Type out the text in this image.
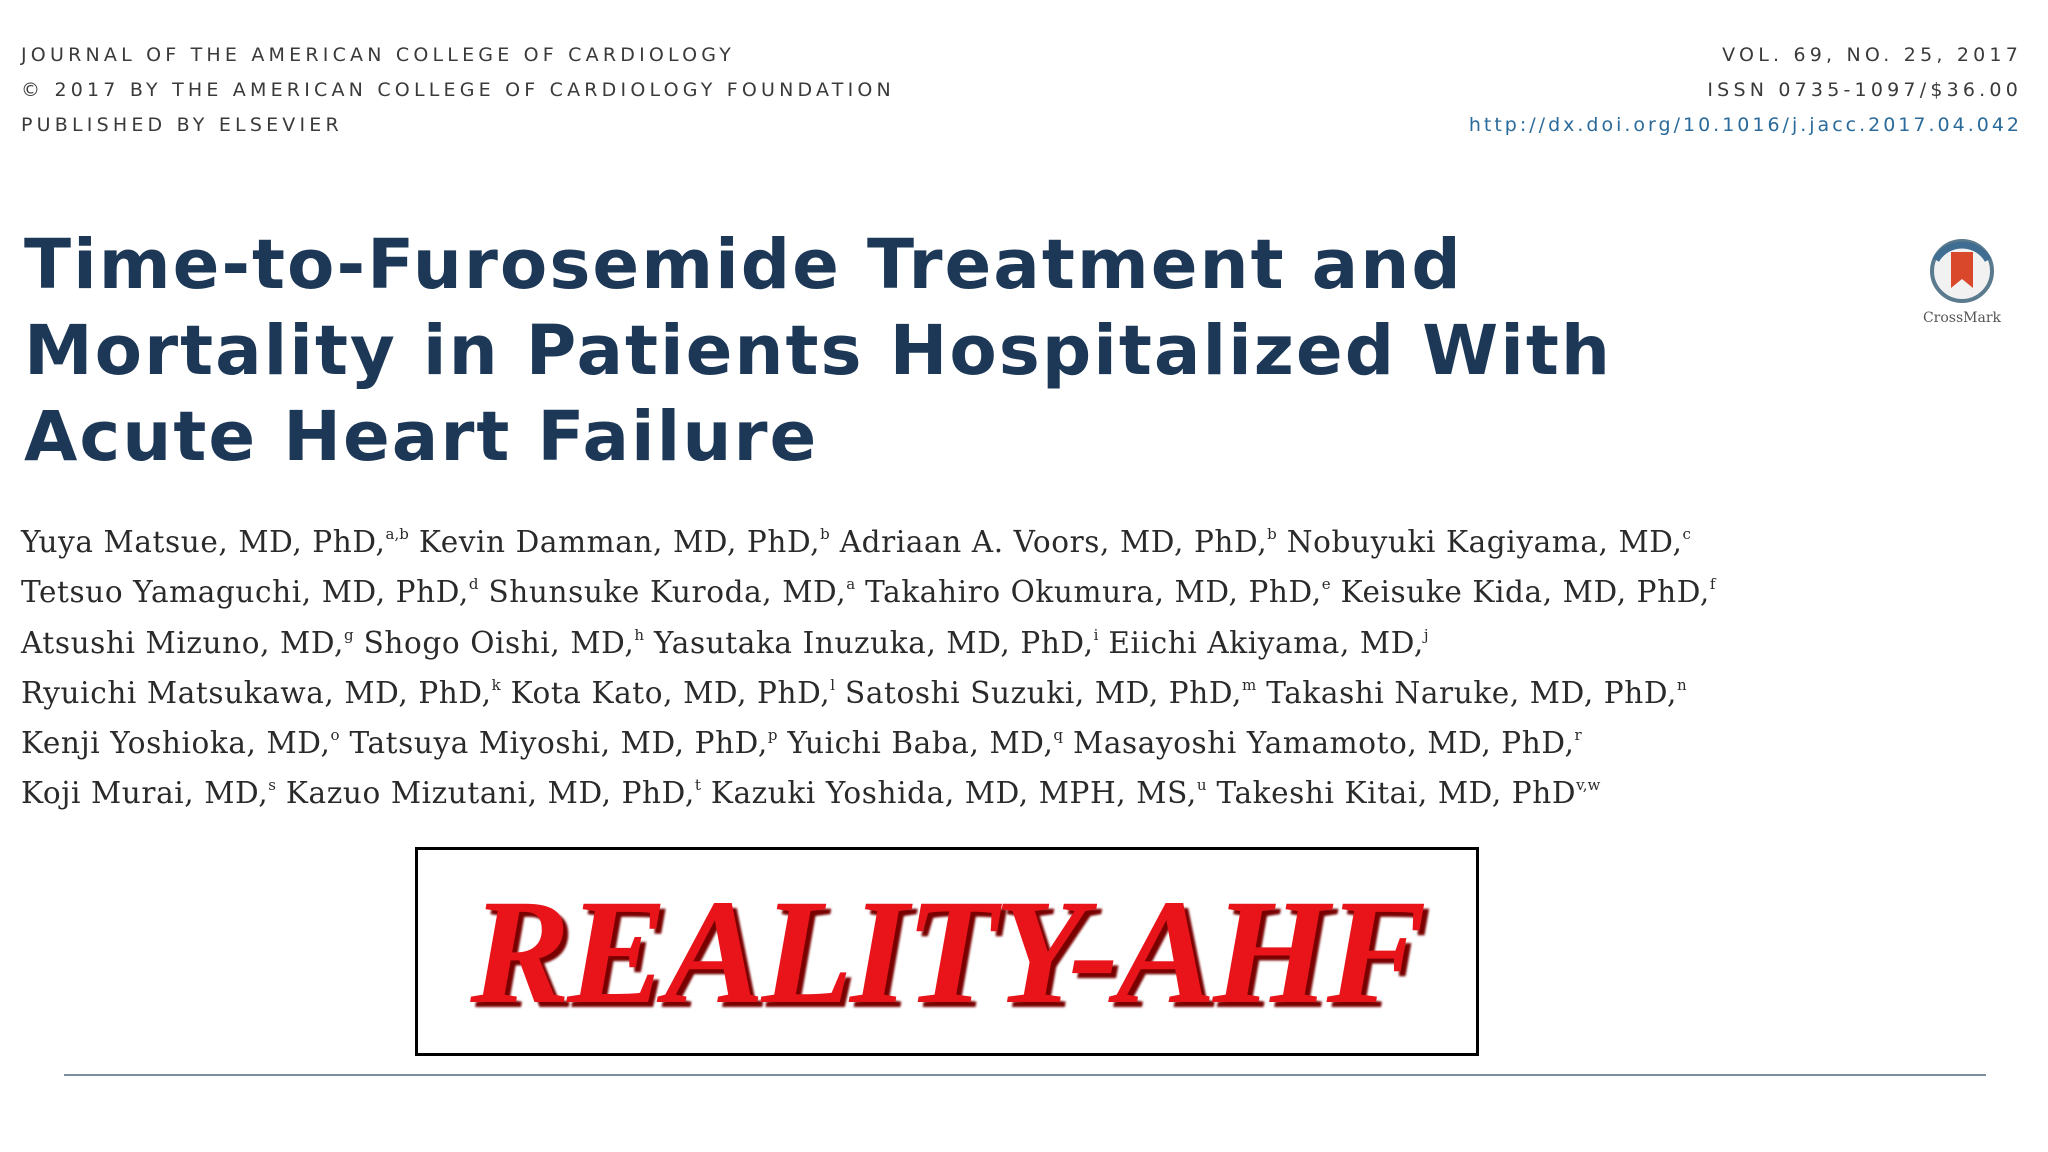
JOURNAL OF THE AMERICAN COLLEGE OF CARDIOLOGY
© 2017 BY THE AMERICAN COLLEGE OF CARDIOLOGY FOUNDATION
PUBLISHED BY ELSEVIER
VOL. 69, NO. 25, 2017
ISSN 0735-1097/$36.00
http://dx.doi.org/10.1016/j.jacc.2017.04.042
Time-to-Furosemide Treatment and
Mortality in Patients Hospitalized With
Acute Heart Failure
CrossMark
Yuya Matsue, MD, PhD,$^{a,b}$ Kevin Damman, MD, PhD,$^b$ Adriaan A. Voors, MD, PhD,$^b$ Nobuyuki Kagiyama, MD,$^c$
Tetsuo Yamaguchi, MD, PhD,$^d$ Shunsuke Kuroda, MD,$^a$ Takahiro Okumura, MD, PhD,$^e$ Keisuke Kida, MD, PhD,$^f$
Atsushi Mizuno, MD,$^g$ Shogo Oishi, MD,$^h$ Yasutaka Inuzuka, MD, PhD,$^i$ Eiichi Akiyama, MD,$^j$
Ryuichi Matsukawa, MD, PhD,$^k$ Kota Kato, MD, PhD,$^l$ Satoshi Suzuki, MD, PhD,$^m$ Takashi Naruke, MD, PhD,$^n$
Kenji Yoshioka, MD,$^o$ Tatsuya Miyoshi, MD, PhD,$^p$ Yuichi Baba, MD,$^q$ Masayoshi Yamamoto, MD, PhD,$^r$
Koji Murai, MD,$^s$ Kazuo Mizutani, MD, PhD,$^t$ Kazuki Yoshida, MD, MPH, MS,$^u$ Takeshi Kitai, MD, PhD$^{v,w}$
REALITY-AHF
